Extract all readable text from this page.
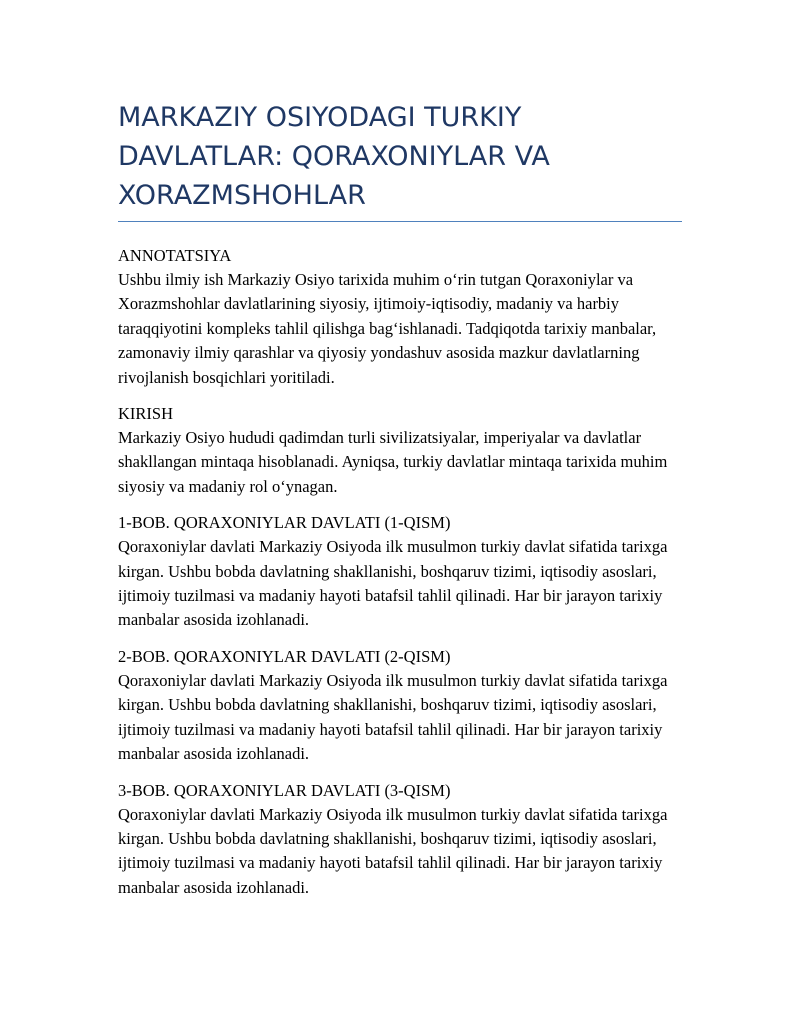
MARKAZIY OSIYODAGI TURKIY DAVLATLAR: QORAXONIYLAR VA XORAZMSHOHLAR

ANNOTATSIYA

Ushbu ilmiy ish Markaziy Osiyo tarixida muhim o‘rin tutgan Qoraxoniylar va Xorazmshohlar davlatlarining siyosiy, ijtimoiy-iqtisodiy, madaniy va harbiy taraqqiyotini kompleks tahlil qilishga bag‘ishlanadi. Tadqiqotda tarixiy manbalar, zamonaviy ilmiy qarashlar va qiyosiy yondashuv asosida mazkur davlatlarning rivojlanish bosqichlari yoritiladi.

KIRISH

Markaziy Osiyo hududi qadimdan turli sivilizatsiyalar, imperiyalar va davlatlar shakllangan mintaqa hisoblanadi. Ayniqsa, turkiy davlatlar mintaqa tarixida muhim siyosiy va madaniy rol o‘ynagan.

1-BOB. QORAXONIYLAR DAVLATI (1-QISM)

Qoraxoniylar davlati Markaziy Osiyoda ilk musulmon turkiy davlat sifatida tarixga kirgan. Ushbu bobda davlatning shakllanishi, boshqaruv tizimi, iqtisodiy asoslari, ijtimoiy tuzilmasi va madaniy hayoti batafsil tahlil qilinadi. Har bir jarayon tarixiy manbalar asosida izohlanadi.

2-BOB. QORAXONIYLAR DAVLATI (2-QISM)

Qoraxoniylar davlati Markaziy Osiyoda ilk musulmon turkiy davlat sifatida tarixga kirgan. Ushbu bobda davlatning shakllanishi, boshqaruv tizimi, iqtisodiy asoslari, ijtimoiy tuzilmasi va madaniy hayoti batafsil tahlil qilinadi. Har bir jarayon tarixiy manbalar asosida izohlanadi.

3-BOB. QORAXONIYLAR DAVLATI (3-QISM)

Qoraxoniylar davlati Markaziy Osiyoda ilk musulmon turkiy davlat sifatida tarixga kirgan. Ushbu bobda davlatning shakllanishi, boshqaruv tizimi, iqtisodiy asoslari, ijtimoiy tuzilmasi va madaniy hayoti batafsil tahlil qilinadi. Har bir jarayon tarixiy manbalar asosida izohlanadi.
